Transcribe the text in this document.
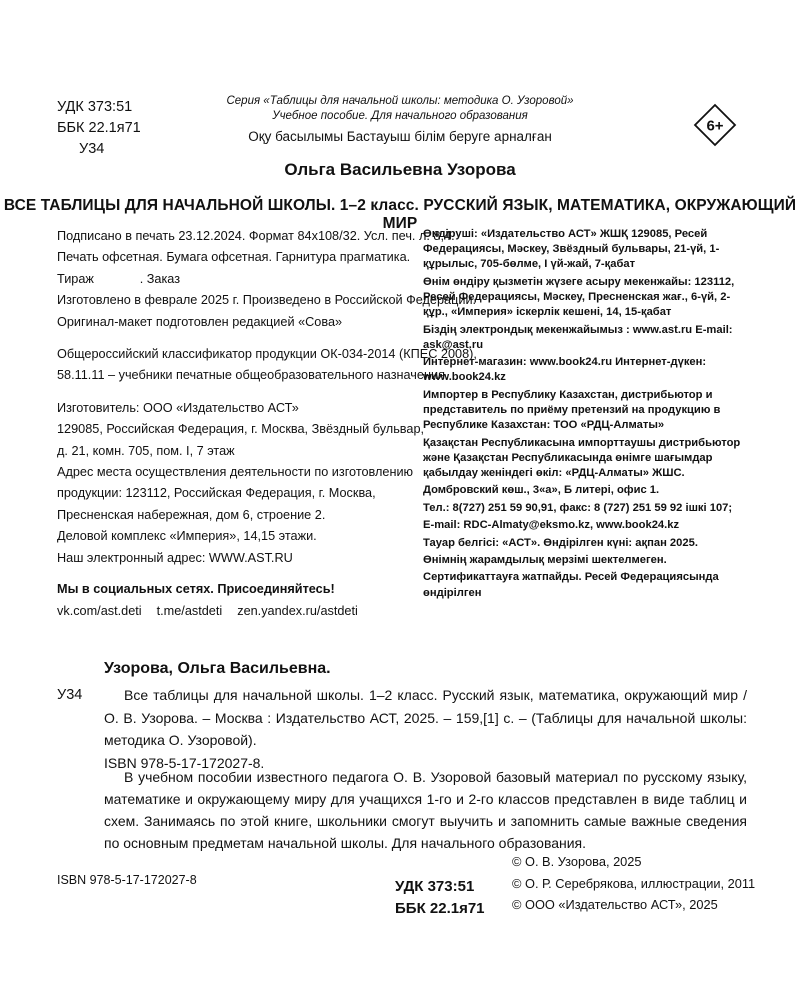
УДК 373:51
ББК 22.1я71
У34
Серия «Таблицы для начальной школы: методика О. Узоровой»
Учебное пособие. Для начального образования
Оқу басылымы Бастауыш білім беруге арналған
6+
Ольга Васильевна Узорова
ВСЕ ТАБЛИЦЫ ДЛЯ НАЧАЛЬНОЙ ШКОЛЫ. 1–2 класс. РУССКИЙ ЯЗЫК, МАТЕМАТИКА, ОКРУЖАЮЩИЙ МИР

Подписано в печать 23.12.2024. Формат 84х108/32. Усл. печ. л. 8,4.

Печать офсетная. Бумага офсетная. Гарнитура прагматика.

Тираж             . Заказ

Изготовлено в феврале 2025 г. Произведено в Российской Федерации.

Оригинал-макет подготовлен редакцией «Сова»

Общероссийский классификатор продукции ОК-034-2014 (КПЕС 2008),

58.11.11 – учебники печатные общеобразовательного назначения.

Изготовитель: ООО «Издательство АСТ»

129085, Российская Федерация, г. Москва, Звёздный бульвар,

д. 21, комн. 705, пом. I, 7 этаж

Адрес места осуществления деятельности по изготовлению

продукции: 123112, Российская Федерация, г. Москва,

Пресненская набережная, дом 6, строение 2.

Деловой комплекс «Империя», 14,15 этажи.

Наш электронный адрес: WWW.AST.RU

Мы в социальных сетях. Присоединяйтесь!

vk.com/ast.deti t.me/astdeti zen.yandex.ru/astdeti

Өндіруші: «Издательство АСТ» ЖШҚ 129085, Ресей Федерациясы, Мәскеу, Звёздный бульвары, 21-үй, 1-құрылыс, 705-бөлме, I үй-жай, 7-қабат

Өнім өндіру қызметін жүзеге асыру мекенжайы: 123112, Ресей Федерациясы, Мәскеу, Пресненская жағ., 6-үй, 2-құр., «Империя» іскерлік кешені, 14, 15-қабат

Біздің электрондық мекенжайымыз : www.ast.ru E-mail: ask@ast.ru

Интернет-магазин: www.book24.ru Интернет-дүкен: www.book24.kz

Импортер в Республику Казахстан, дистрибьютор и представитель по приёму претензий на продукцию в Республике Казахстан: ТОО «РДЦ-Алматы»

Қазақстан Республикасына импорттаушы дистрибьютор және Қазақстан Республикасында өнімге шағымдар қабылдау женіндегі өкіл: «РДЦ-Алматы» ЖШС.

Домбровский көш., 3«а», Б литері, офис 1.

Тел.: 8(727) 251 59 90,91, факс: 8 (727) 251 59 92 ішкі 107;

E-mail: RDC-Almaty@eksmo.kz, www.book24.kz

Тауар белгісі: «АСТ». Өндірілген күні: ақпан 2025.

Өнімнің жарамдылық мерзімі шектелмеген.

Сертификаттауға жатпайды. Ресей Федерациясында өндірілген

Узорова, Ольга Васильевна.
У34	Все таблицы для начальной школы. 1–2 класс. Русский язык, математика, окружающий мир / О. В. Узорова. – Москва : Издательство АСТ, 2025. – 159,[1] с. – (Таблицы для начальной школы: методика О. Узоровой).

ISBN 978-5-17-172027-8.

В учебном пособии известного педагога О. В. Узоровой базовый материал по русскому языку, математике и окружающему миру для учащихся 1-го и 2-го классов представлен в виде таблиц и схем. Занимаясь по этой книге, школьники смогут выучить и запомнить самые важные сведения по основным предметам начальной школы. Для начального образования.
ISBN 978-5-17-172027-8	УДК 373:51
ББК 22.1я71
© О. В. Узорова, 2025
© О. Р. Серебрякова, иллюстрации, 2011
© ООО «Издательство АСТ», 2025
